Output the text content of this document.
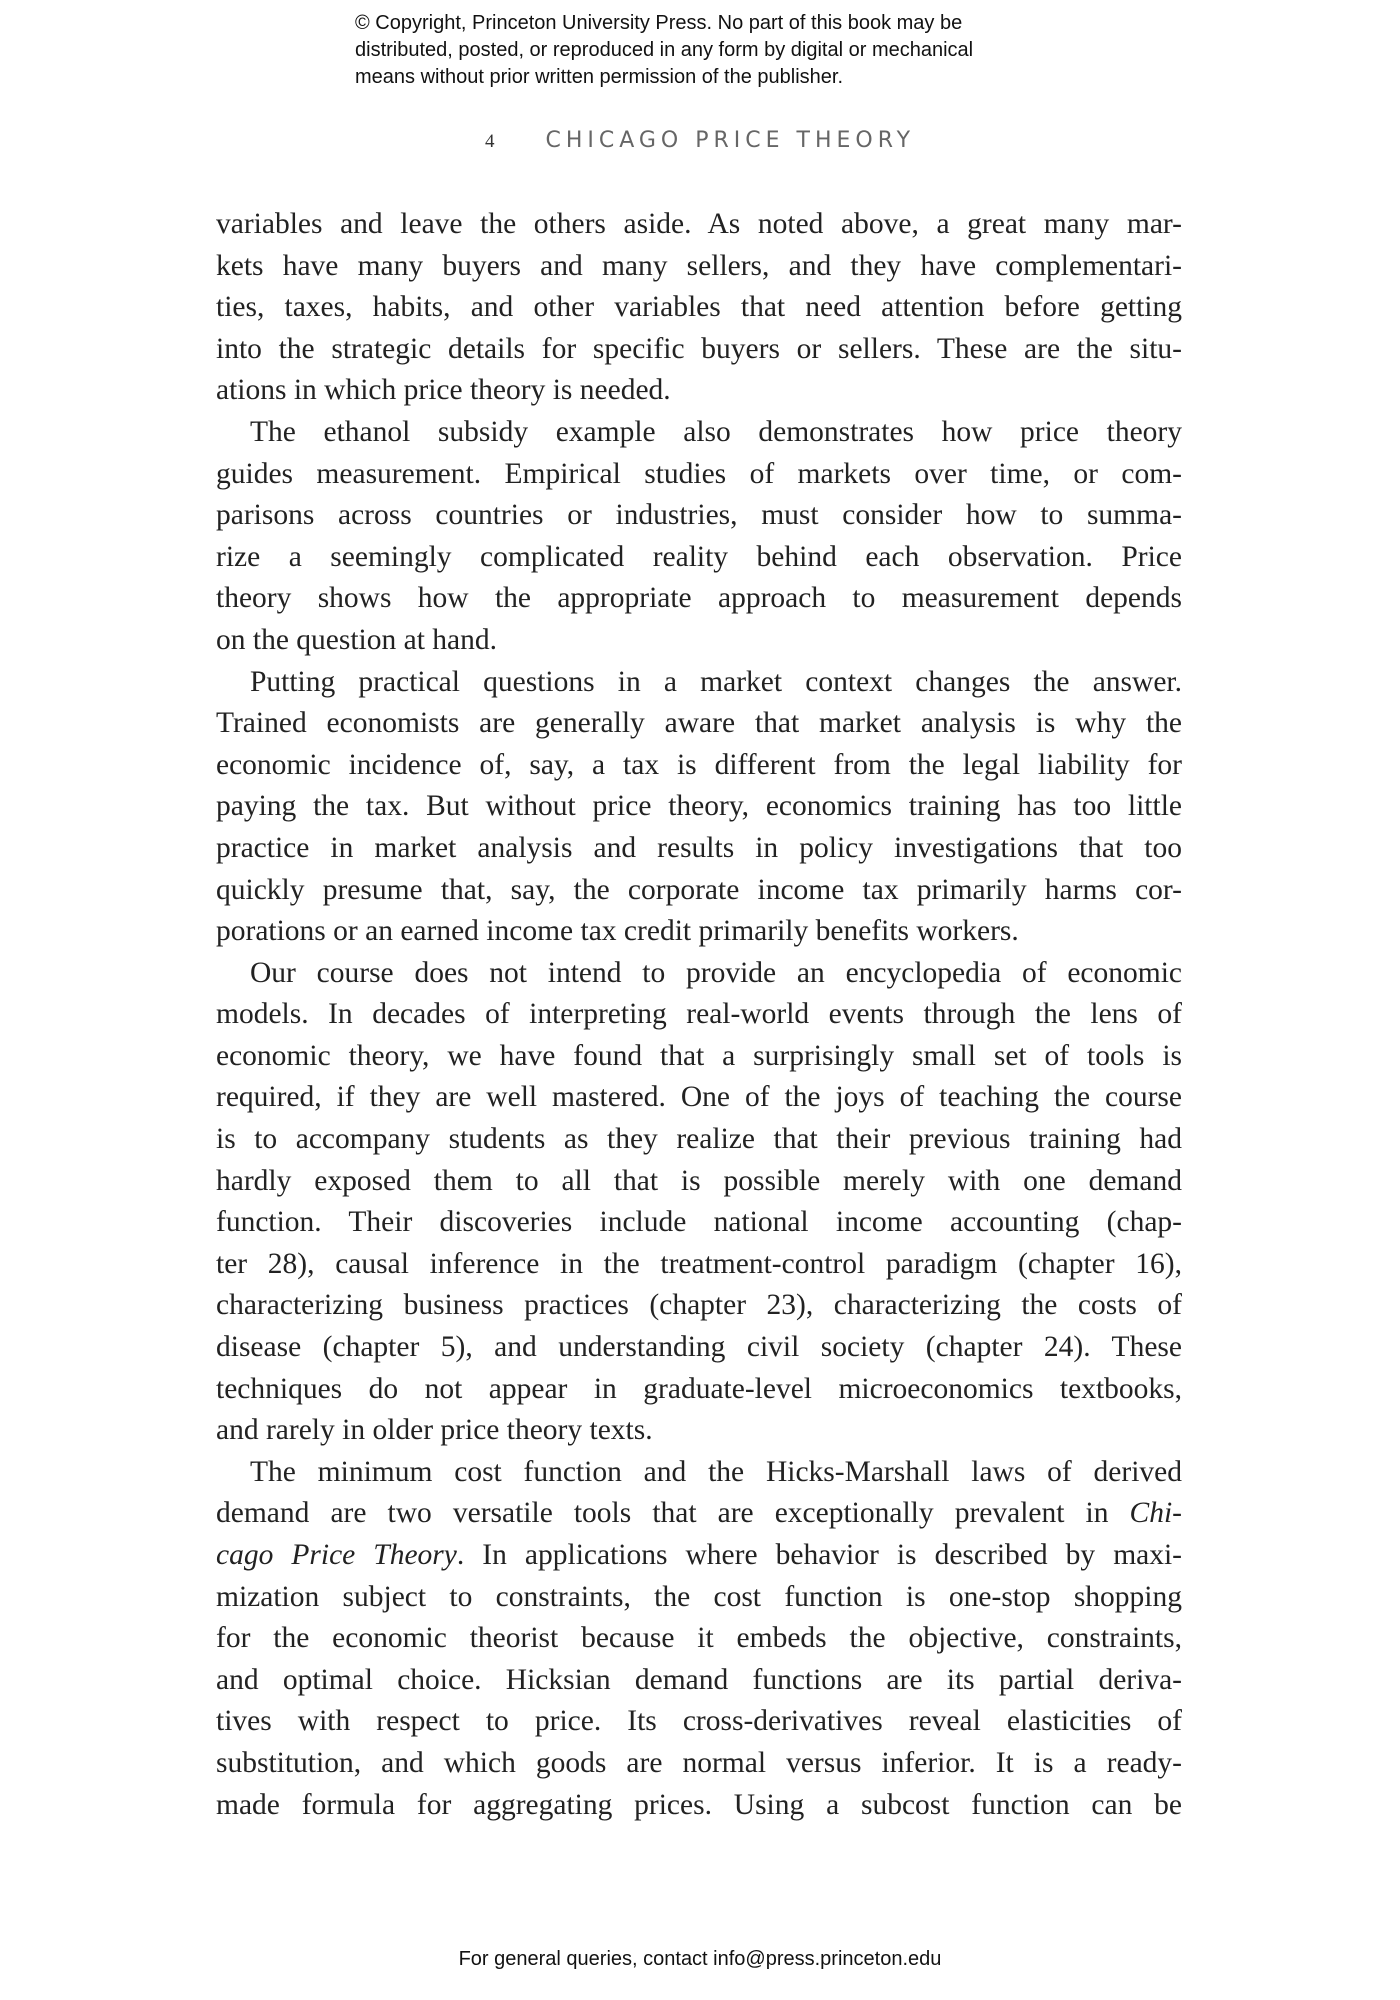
© Copyright, Princeton University Press. No part of this book may be
distributed, posted, or reproduced in any form by digital or mechanical
means without prior written permission of the publisher.
4 CHICAGO PRICE THEORY
variables and leave the others aside. As noted above, a great many mar-
kets have many buyers and many sellers, and they have complementari-
ties, taxes, habits, and other variables that need attention before getting
into the strategic details for specific buyers or sellers. These are the situ-
ations in which price theory is needed.
The ethanol subsidy example also demonstrates how price theory
guides measurement. Empirical studies of markets over time, or com-
parisons across countries or industries, must consider how to summa-
rize a seemingly complicated reality behind each observation. Price
theory shows how the appropriate approach to measurement depends
on the question at hand.
Putting practical questions in a market context changes the answer.
Trained economists are generally aware that market analysis is why the
economic incidence of, say, a tax is different from the legal liability for
paying the tax. But without price theory, economics training has too little
practice in market analysis and results in policy investigations that too
quickly presume that, say, the corporate income tax primarily harms cor-
porations or an earned income tax credit primarily benefits workers.
Our course does not intend to provide an encyclopedia of economic
models. In decades of interpreting real-world events through the lens of
economic theory, we have found that a surprisingly small set of tools is
required, if they are well mastered. One of the joys of teaching the course
is to accompany students as they realize that their previous training had
hardly exposed them to all that is possible merely with one demand
function. Their discoveries include national income accounting (chap-
ter 28), causal inference in the treatment-control paradigm (chapter 16),
characterizing business practices (chapter 23), characterizing the costs of
disease (chapter 5), and understanding civil society (chapter 24). These
techniques do not appear in graduate-level microeconomics textbooks,
and rarely in older price theory texts.
The minimum cost function and the Hicks-Marshall laws of derived
demand are two versatile tools that are exceptionally prevalent in Chi-
cago Price Theory. In applications where behavior is described by maxi-
mization subject to constraints, the cost function is one-stop shopping
for the economic theorist because it embeds the objective, constraints,
and optimal choice. Hicksian demand functions are its partial deriva-
tives with respect to price. Its cross-derivatives reveal elasticities of
substitution, and which goods are normal versus inferior. It is a ready-
made formula for aggregating prices. Using a subcost function can be
For general queries, contact info@press.princeton.edu
